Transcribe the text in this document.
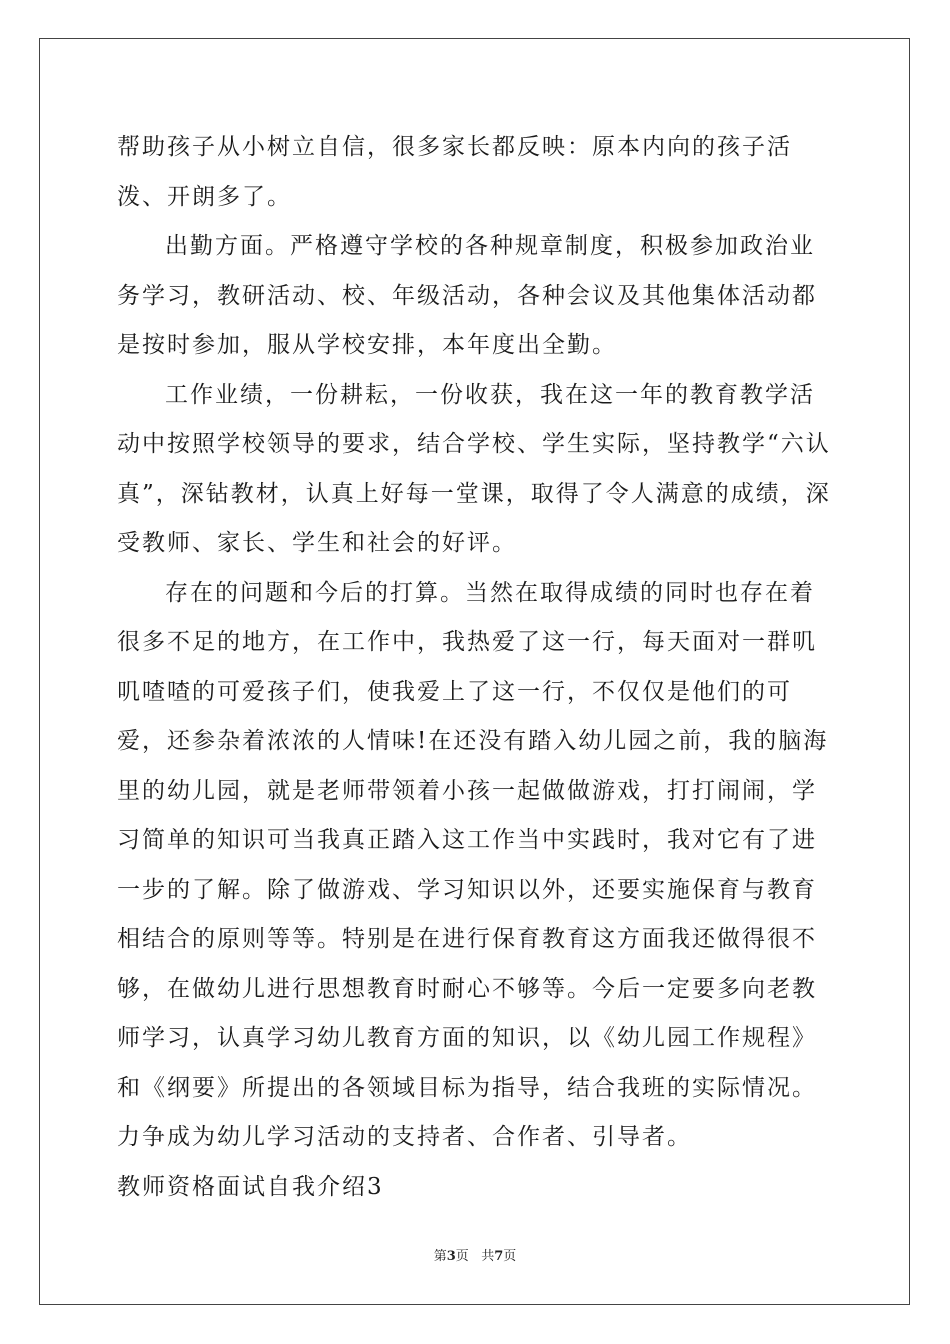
帮助孩子从小树立自信，很多家长都反映：原本内向的孩子活泼、开朗多了。

出勤方面。严格遵守学校的各种规章制度，积极参加政治业务学习，教研活动、校、年级活动，各种会议及其他集体活动都是按时参加，服从学校安排，本年度出全勤。

工作业绩，一份耕耘，一份收获，我在这一年的教育教学活动中按照学校领导的要求，结合学校、学生实际，坚持教学“六认真”，深钻教材，认真上好每一堂课，取得了令人满意的成绩，深受教师、家长、学生和社会的好评。

存在的问题和今后的打算。当然在取得成绩的同时也存在着很多不足的地方，在工作中，我热爱了这一行，每天面对一群叽叽喳喳的可爱孩子们，使我爱上了这一行，不仅仅是他们的可爱，还参杂着浓浓的人情味!在还没有踏入幼儿园之前，我的脑海里的幼儿园，就是老师带领着小孩一起做做游戏，打打闹闹，学习简单的知识可当我真正踏入这工作当中实践时，我对它有了进一步的了解。除了做游戏、学习知识以外，还要实施保育与教育相结合的原则等等。特别是在进行保育教育这方面我还做得很不够，在做幼儿进行思想教育时耐心不够等。今后一定要多向老教师学习，认真学习幼儿教育方面的知识，以《幼儿园工作规程》和《纲要》所提出的各领域目标为指导，结合我班的实际情况。力争成为幼儿学习活动的支持者、合作者、引导者。

教师资格面试自我介绍3

第3页 共7页
